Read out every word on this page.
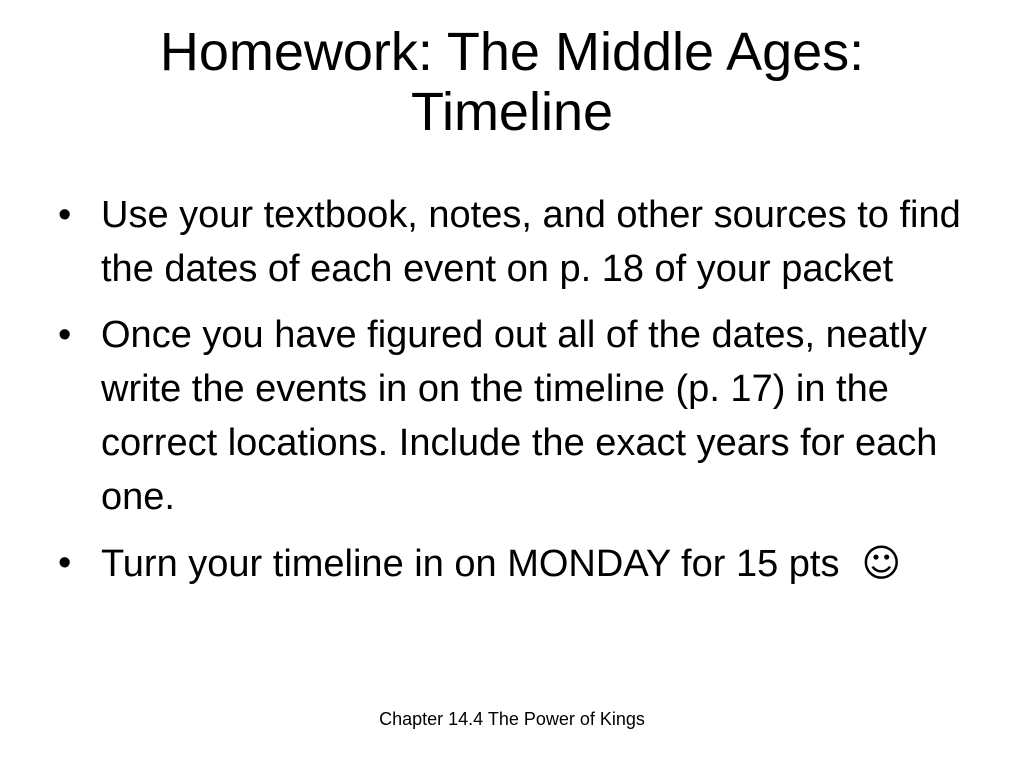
Homework: The Middle Ages:
Timeline
• Use your textbook, notes, and other sources to find the dates of each event on p. 18 of your packet
• Once you have figured out all of the dates, neatly write the events in on the timeline (p. 17) in the correct locations. Include the exact years for each one.
• Turn your timeline in on MONDAY for 15 pts ☺
Chapter 14.4 The Power of Kings
